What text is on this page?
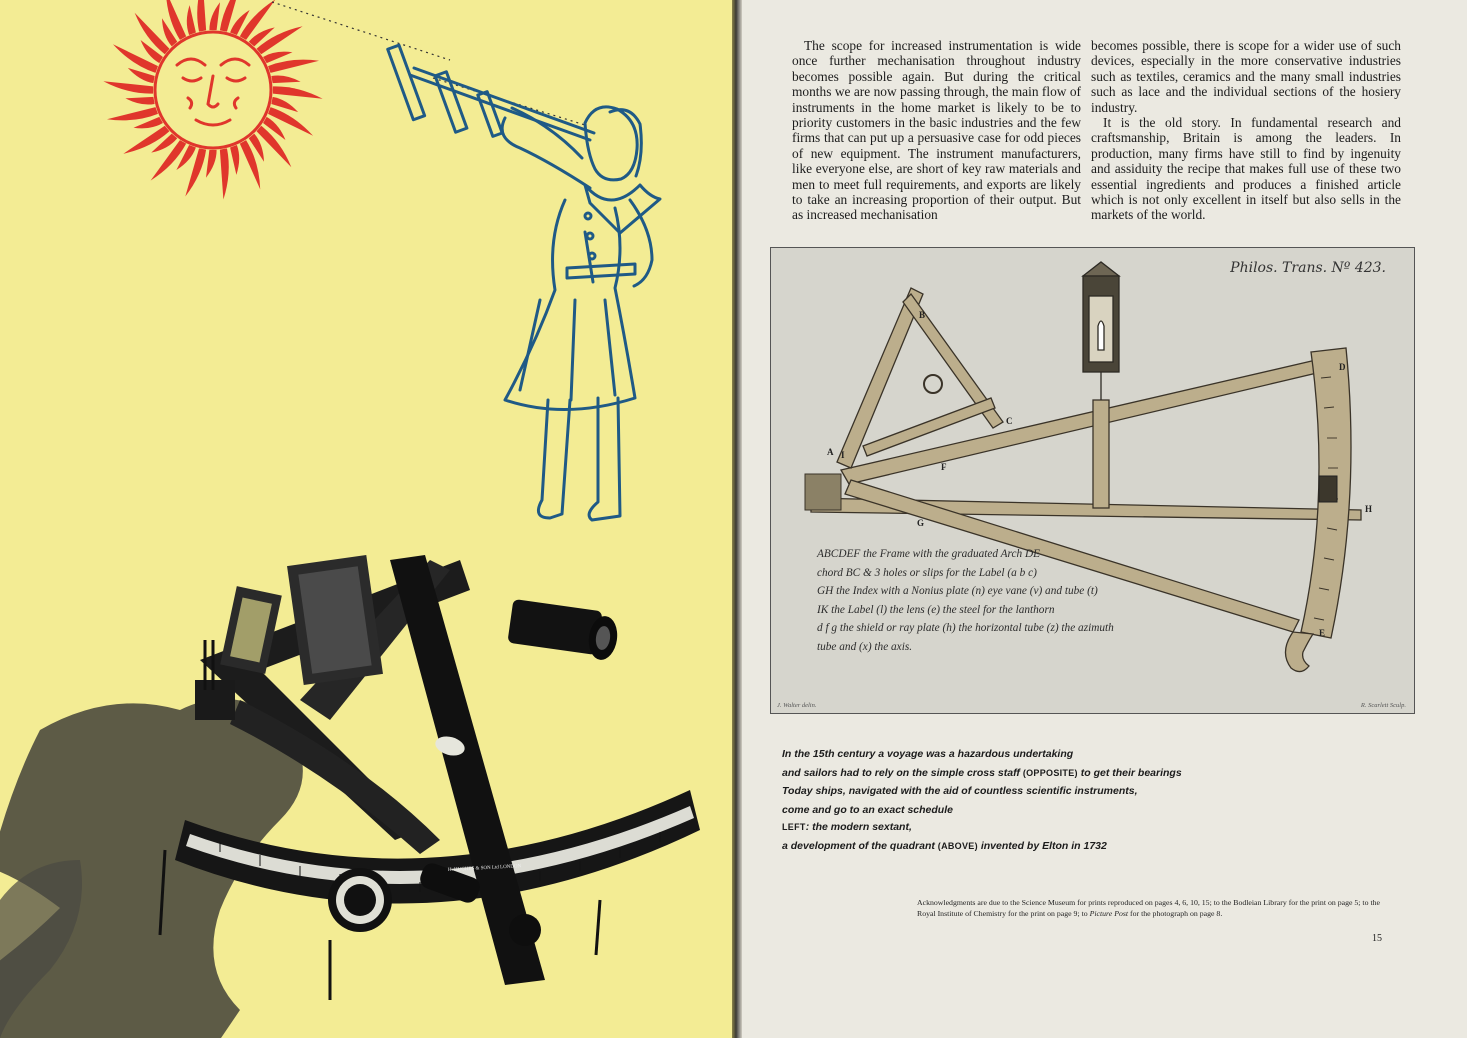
H. HUGHES & SON Ltd LONDON

The scope for increased instrumentation is wide once further mechanisation throughout industry becomes possible again. But during the critical months we are now passing through, the main flow of instruments in the home market is likely to be to priority customers in the basic industries and the few firms that can put up a persuasive case for odd pieces of new equipment. The instrument manufacturers, like everyone else, are short of key raw materials and men to meet full requirements, and exports are likely to take an increasing proportion of their output. But as increased mechanisation

becomes possible, there is scope for a wider use of such devices, especially in the more conservative industries such as textiles, ceramics and the many small industries such as lace and the individual sections of the hosiery industry.

It is the old story. In fundamental research and craftsmanship, Britain is among the leaders. In production, many firms have still to find by ingenuity and assiduity the recipe that makes full use of these two essential ingredients and produces a finished article which is not only excellent in itself but also sells in the markets of the world.

Philos. Trans. Nº 423.
A
B
C
D
E
F
G
H
I
ABCDEF the Frame with the graduated Arch DE
chord BC & 3 holes or slips for the Label (a b c)
GH the Index with a Nonius plate (n) eye vane (v) and tube (t)
IK the Label (l) the lens (e) the steel for the lanthorn
d f g the shield or ray plate (h) the horizontal tube (z) the azimuth
tube and (x) the axis.
J. Walter delin.	R. Scarlett Sculp.
In the 15th century a voyage was a hazardous undertaking
and sailors had to rely on the simple cross staff (OPPOSITE) to get their bearings
Today ships, navigated with the aid of countless scientific instruments,
come and go to an exact schedule
LEFT: the modern sextant,
a development of the quadrant (ABOVE) invented by Elton in 1732
Acknowledgments are due to the Science Museum for prints reproduced on pages 4, 6, 10, 15; to the Bodleian Library for the print on page 5; to the Royal Institute of Chemistry for the print on page 9; to Picture Post for the photograph on page 8.
15
